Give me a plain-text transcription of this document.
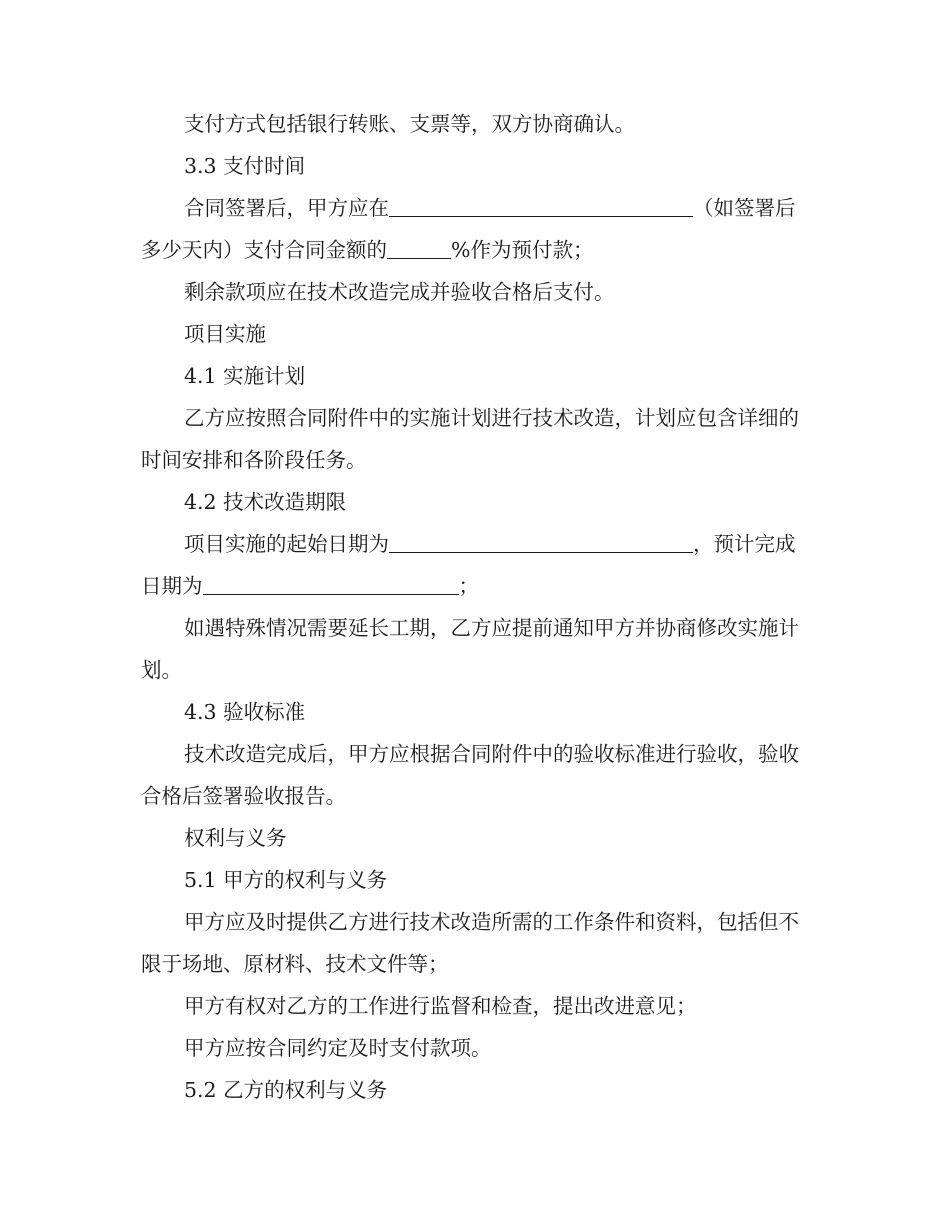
支付方式包括银行转账、支票等，双方协商确认。

3.3 支付时间

合同签署后，甲方应在	（如签署后多少天内）支付合同金额的	%作为预付款；

剩余款项应在技术改造完成并验收合格后支付。

项目实施

4.1 实施计划

乙方应按照合同附件中的实施计划进行技术改造，计划应包含详细的时间安排和各阶段任务。

4.2 技术改造期限

项目实施的起始日期为	，预计完成日期为	；

如遇特殊情况需要延长工期，乙方应提前通知甲方并协商修改实施计划。

4.3 验收标准

技术改造完成后，甲方应根据合同附件中的验收标准进行验收，验收合格后签署验收报告。

权利与义务

5.1 甲方的权利与义务

甲方应及时提供乙方进行技术改造所需的工作条件和资料，包括但不限于场地、原材料、技术文件等；

甲方有权对乙方的工作进行监督和检查，提出改进意见；

甲方应按合同约定及时支付款项。

5.2 乙方的权利与义务
